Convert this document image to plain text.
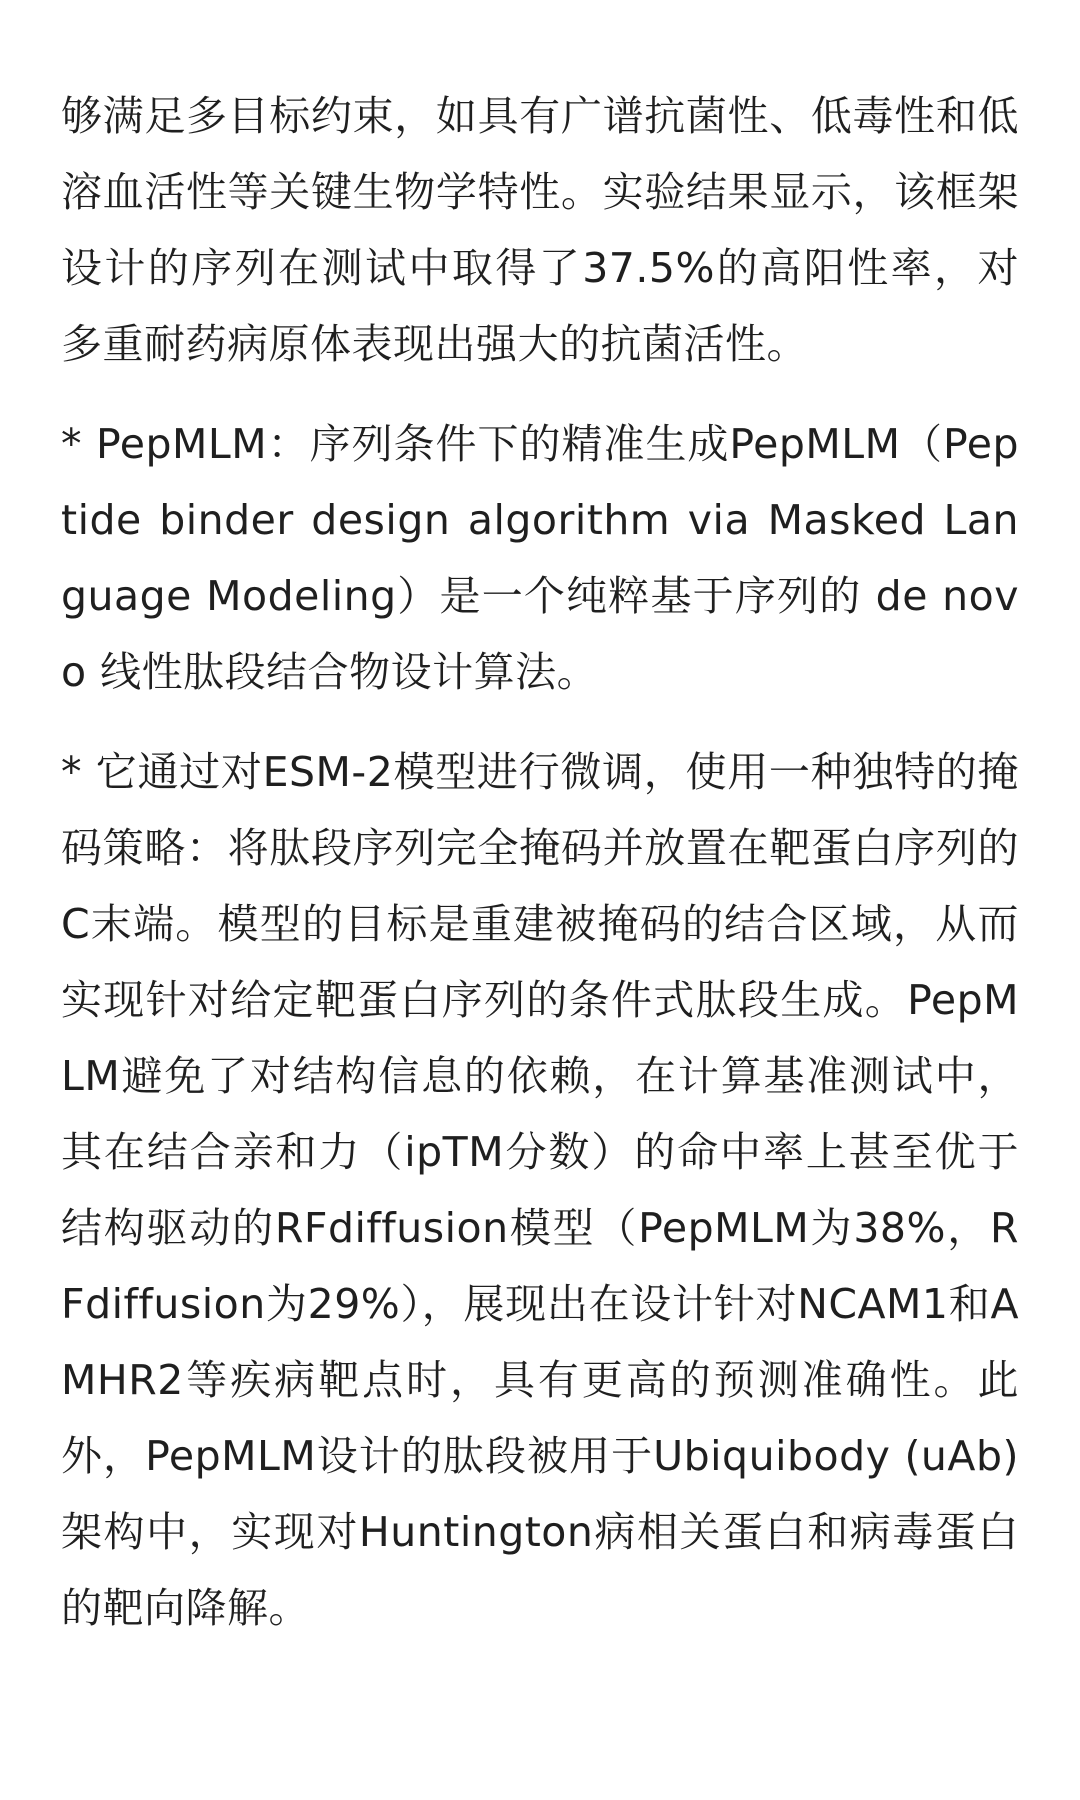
够满足多目标约束，如具有广谱抗菌性、低毒性和低溶血活性等关键生物学特性。实验结果显示，该框架设计的序列在测试中取得了37.5%的高阳性率，对多重耐药病原体表现出强大的抗菌活性。

* PepMLM：序列条件下的精准生成PepMLM（Peptide binder design algorithm via Masked Language Modeling）是一个纯粹基于序列的 de novo 线性肽段结合物设计算法。

* 它通过对ESM-2模型进行微调，使用一种独特的掩码策略：将肽段序列完全掩码并放置在靶蛋白序列的C末端。模型的目标是重建被掩码的结合区域，从而实现针对给定靶蛋白序列的条件式肽段生成。PepMLM避免了对结构信息的依赖，在计算基准测试中，其在结合亲和力（ipTM分数）的命中率上甚至优于结构驱动的RFdiffusion模型（PepMLM为38%，RFdiffusion为29%），展现出在设计针对NCAM1和AMHR2等疾病靶点时，具有更高的预测准确性。此外，PepMLM设计的肽段被用于Ubiquibody (uAb) 架构中，实现对Huntington病相关蛋白和病毒蛋白的靶向降解。
